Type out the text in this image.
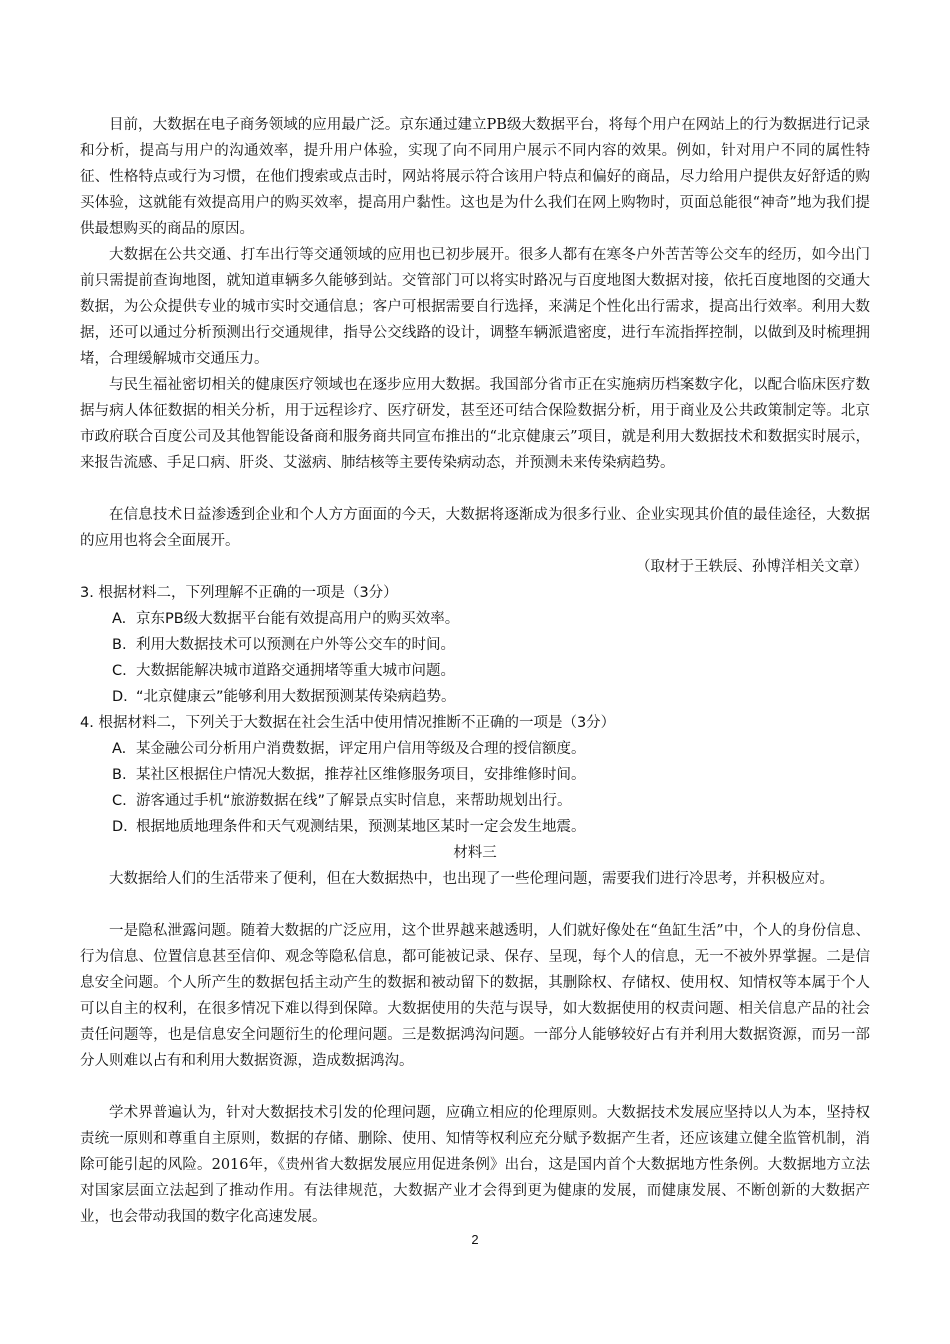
目前，大数据在电子商务领域的应用最广泛。京东通过建立PB级大数据平台，将每个用户在网站上的行为数据进行记录和分析，提高与用户的沟通效率，提升用户体验，实现了向不同用户展示不同内容的效果。例如，针对用户不同的属性特征、性格特点或行为习惯，在他们搜索或点击时，网站将展示符合该用户特点和偏好的商品，尽力给用户提供友好舒适的购买体验，这就能有效提高用户的购买效率，提高用户黏性。这也是为什么我们在网上购物时，页面总能很“神奇”地为我们提供最想购买的商品的原因。

大数据在公共交通、打车出行等交通领域的应用也已初步展开。很多人都有在寒冬户外苦苦等公交车的经历，如今出门前只需提前查询地图，就知道車辆多久能够到站。交管部门可以将实时路况与百度地图大数据对接，依托百度地图的交通大数据，为公众提供专业的城市实时交通信息；客户可根据需要自行选择，来满足个性化出行需求，提高出行效率。利用大数据，还可以通过分析预测出行交通规律，指导公交线路的设计，调整车辆派遣密度，进行车流指挥控制，以做到及时梳理拥堵，合理缓解城市交通压力。

与民生福祉密切相关的健康医疗领域也在逐步应用大数据。我国部分省市正在实施病历档案数字化，以配合临床医疗数据与病人体征数据的相关分析，用于远程诊疗、医疗研发，甚至还可结合保险数据分析，用于商业及公共政策制定等。北京市政府联合百度公司及其他智能设备商和服务商共同宣布推出的“北京健康云”项目，就是利用大数据技术和数据实时展示，来报告流感、手足口病、肝炎、艾滋病、肺结核等主要传染病动态，并预测未来传染病趋势。

在信息技术日益渗透到企业和个人方方面面的今天，大数据将逐渐成为很多行业、企业实现其价值的最佳途径，大数据的应用也将会全面展开。

（取材于王轶辰、孙博洋相关文章）
3. 根据材料二，下列理解不正确的一项是（3分）
A. 京东PB级大数据平台能有效提高用户的购买效率。
B. 利用大数据技术可以预测在户外等公交车的时间。
C. 大数据能解决城市道路交通拥堵等重大城市问题。
D. “北京健康云”能够利用大数据预测某传染病趋势。
4. 根据材料二，下列关于大数据在社会生活中使用情况推断不正确的一项是（3分）
A. 某金融公司分析用户消费数据，评定用户信用等级及合理的授信额度。
B. 某社区根据住户情况大数据，推荐社区维修服务项目，安排维修时间。
C. 游客通过手机“旅游数据在线”了解景点实时信息，来帮助规划出行。
D. 根据地质地理条件和天气观测结果，预测某地区某时一定会发生地震。
材料三

大数据给人们的生活带来了便利，但在大数据热中，也出现了一些伦理问题，需要我们进行冷思考，并积极应对。

一是隐私泄露问题。随着大数据的广泛应用，这个世界越来越透明，人们就好像处在“鱼缸生活”中，个人的身份信息、行为信息、位置信息甚至信仰、观念等隐私信息，都可能被记录、保存、呈现，每个人的信息，无一不被外界掌握。二是信息安全问题。个人所产生的数据包括主动产生的数据和被动留下的数据，其删除权、存储权、使用权、知情权等本属于个人可以自主的权利，在很多情况下难以得到保障。大数据使用的失范与误导，如大数据使用的权责问题、相关信息产品的社会责任问题等，也是信息安全问题衍生的伦理问题。三是数据鸿沟问题。一部分人能够较好占有并利用大数据资源，而另一部分人则难以占有和利用大数据资源，造成数据鸿沟。

学术界普遍认为，针对大数据技术引发的伦理问题，应确立相应的伦理原则。大数据技术发展应坚持以人为本，坚持权责统一原则和尊重自主原则，数据的存储、删除、使用、知情等权利应充分赋予数据产生者，还应该建立健全监管机制，消除可能引起的风险。2016年，《贵州省大数据发展应用促进条例》出台，这是国内首个大数据地方性条例。大数据地方立法对国家层面立法起到了推动作用。有法律规范，大数据产业才会得到更为健康的发展，而健康发展、不断创新的大数据产业，也会带动我国的数字化高速发展。

2
